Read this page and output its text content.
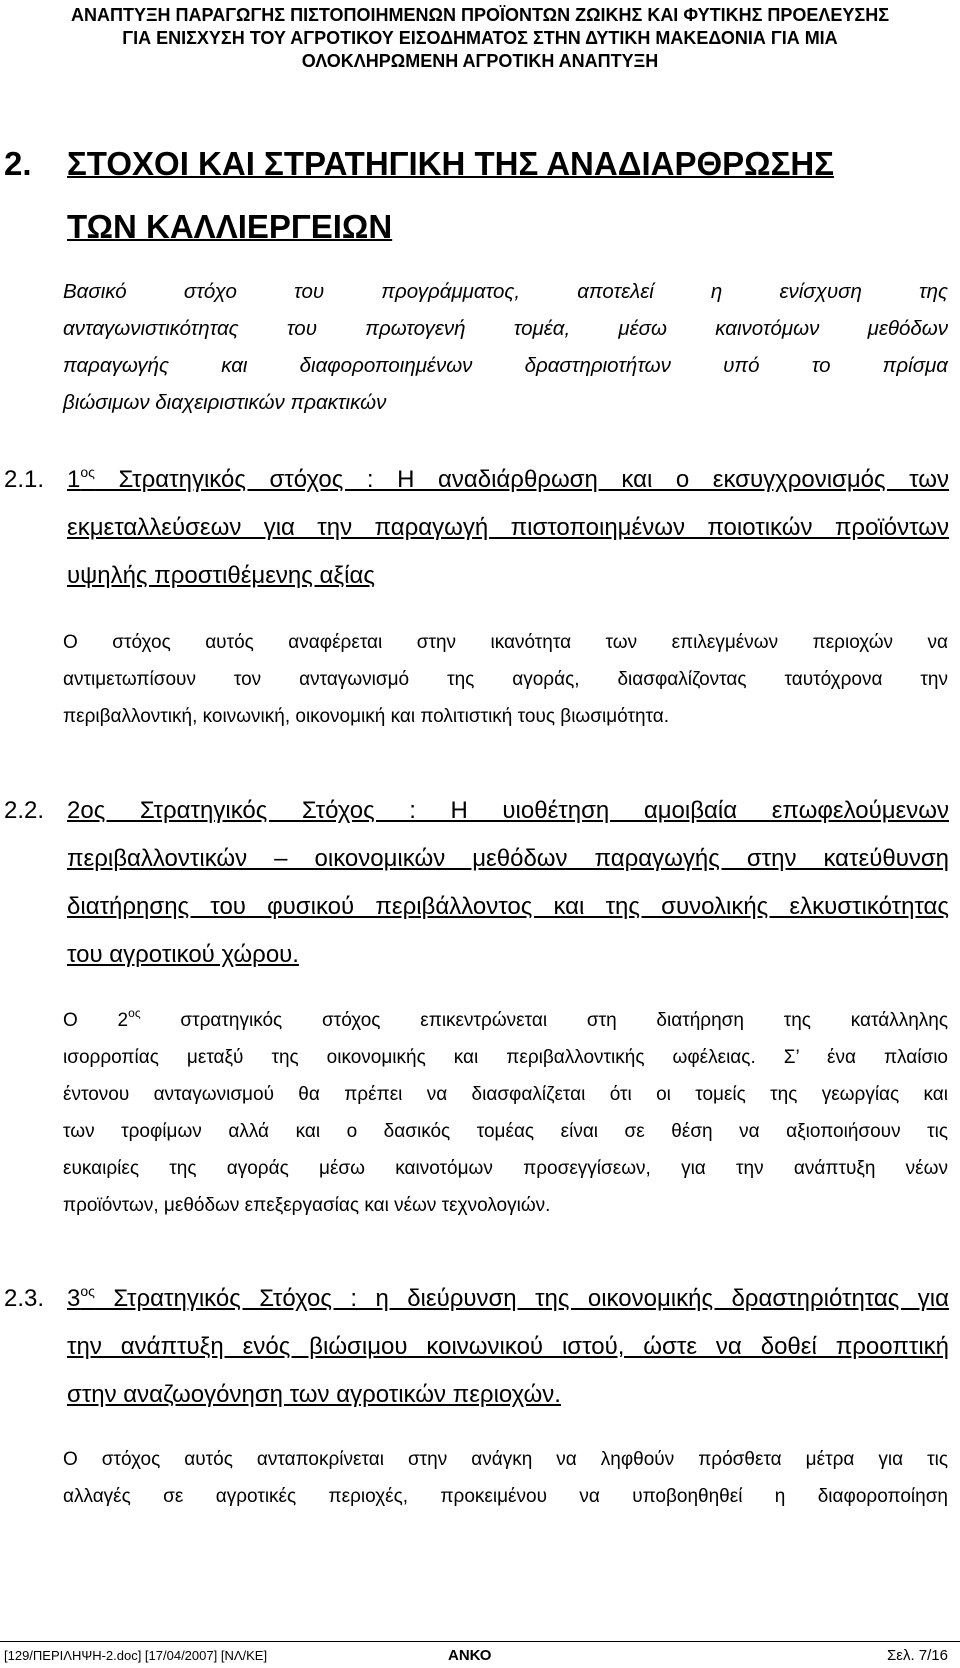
ΑΝΑΠΤΥΞΗ ΠΑΡΑΓΩΓΗΣ ΠΙΣΤΟΠΟΙΗΜΕΝΩΝ ΠΡΟΪΟΝΤΩΝ ΖΩΙΚΗΣ ΚΑΙ ΦΥΤΙΚΗΣ ΠΡΟΕΛΕΥΣΗΣ
ΓΙΑ ΕΝΙΣΧΥΣΗ ΤΟΥ ΑΓΡΟΤΙΚΟΥ ΕΙΣΟΔΗΜΑΤΟΣ ΣΤΗΝ ΔΥΤΙΚΗ ΜΑΚΕΔΟΝΙΑ ΓΙΑ ΜΙΑ
ΟΛΟΚΛΗΡΩΜΕΝΗ ΑΓΡΟΤΙΚΗ ΑΝΑΠΤΥΞΗ
2. ΣΤΟΧΟΙ ΚΑΙ ΣΤΡΑΤΗΓΙΚΗ ΤΗΣ ΑΝΑΔΙΑΡΘΡΩΣΗΣ
ΤΩΝ ΚΑΛΛΙΕΡΓΕΙΩΝ
Βασικό στόχο του προγράμματος, αποτελεί η ενίσχυση της
ανταγωνιστικότητας του πρωτογενή τομέα, μέσω καινοτόμων μεθόδων
παραγωγής και διαφοροποιημένων δραστηριοτήτων υπό το πρίσμα
βιώσιμων διαχειριστικών πρακτικών
2.1. $1^{o\varsigma}$ Στρατηγικός στόχος : Η αναδιάρθρωση και ο εκσυγχρονισμός των
εκμεταλλεύσεων για την παραγωγή πιστοποιημένων ποιοτικών προϊόντων
υψηλής προστιθέμενης αξίας
Ο στόχος αυτός αναφέρεται στην ικανότητα των επιλεγμένων περιοχών να
αντιμετωπίσουν τον ανταγωνισμό της αγοράς, διασφαλίζοντας ταυτόχρονα την
περιβαλλοντική, κοινωνική, οικονομική και πολιτιστική τους βιωσιμότητα.
2.2. 2ος Στρατηγικός Στόχος : Η υιοθέτηση αμοιβαία επωφελούμενων
περιβαλλοντικών – οικονομικών μεθόδων παραγωγής στην κατεύθυνση
διατήρησης του φυσικού περιβάλλοντος και της συνολικής ελκυστικότητας
του αγροτικού χώρου.
Ο $2^{o\varsigma}$ στρατηγικός στόχος επικεντρώνεται στη διατήρηση της κατάλληλης
ισορροπίας μεταξύ της οικονομικής και περιβαλλοντικής ωφέλειας. Σ’ ένα πλαίσιο
έντονου ανταγωνισμού θα πρέπει να διασφαλίζεται ότι οι τομείς της γεωργίας και
των τροφίμων αλλά και ο δασικός τομέας είναι σε θέση να αξιοποιήσουν τις
ευκαιρίες της αγοράς μέσω καινοτόμων προσεγγίσεων, για την ανάπτυξη νέων
προϊόντων, μεθόδων επεξεργασίας και νέων τεχνολογιών.
2.3. $3^{o\varsigma}$ Στρατηγικός Στόχος : η διεύρυνση της οικονομικής δραστηριότητας για
την ανάπτυξη ενός βιώσιμου κοινωνικού ιστού, ώστε να δοθεί προοπτική
στην αναζωογόνηση των αγροτικών περιοχών.
Ο στόχος αυτός ανταποκρίνεται στην ανάγκη να ληφθούν πρόσθετα μέτρα για τις
αλλαγές σε αγροτικές περιοχές, προκειμένου να υποβοηθηθεί η διαφοροποίηση
[129/ΠΕΡΙΛΗΨΗ-2.doc] [17/04/2007] [ΝΛ/ΚΕ]	ΑΝΚΟ	Σελ. 7/16
